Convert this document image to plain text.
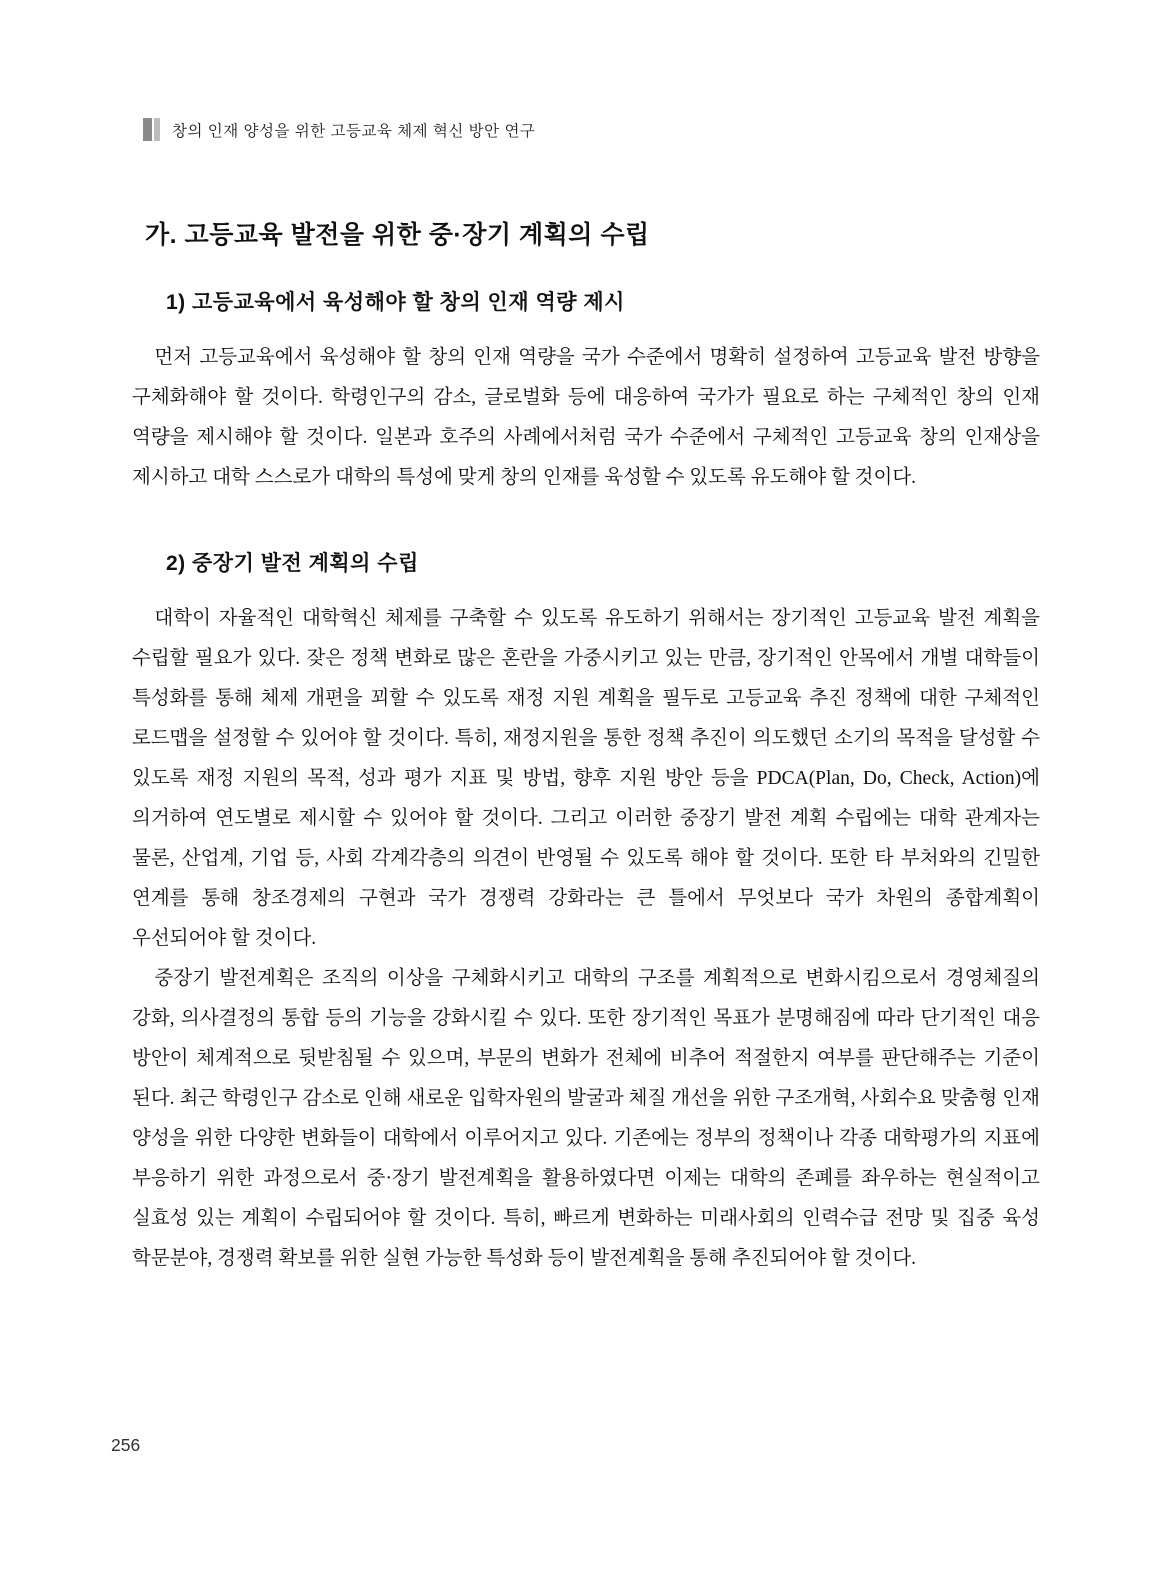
창의 인재 양성을 위한 고등교육 체제 혁신 방안 연구
가. 고등교육 발전을 위한 중·장기 계획의 수립
1) 고등교육에서 육성해야 할 창의 인재 역량 제시

먼저 고등교육에서 육성해야 할 창의 인재 역량을 국가 수준에서 명확히 설정하여 고등교육 발전 방향을 구체화해야 할 것이다. 학령인구의 감소, 글로벌화 등에 대응하여 국가가 필요로 하는 구체적인 창의 인재 역량을 제시해야 할 것이다. 일본과 호주의 사례에서처럼 국가 수준에서 구체적인 고등교육 창의 인재상을 제시하고 대학 스스로가 대학의 특성에 맞게 창의 인재를 육성할 수 있도록 유도해야 할 것이다.

2) 중장기 발전 계획의 수립

대학이 자율적인 대학혁신 체제를 구축할 수 있도록 유도하기 위해서는 장기적인 고등교육 발전 계획을 수립할 필요가 있다. 잦은 정책 변화로 많은 혼란을 가중시키고 있는 만큼, 장기적인 안목에서 개별 대학들이 특성화를 통해 체제 개편을 꾀할 수 있도록 재정 지원 계획을 필두로 고등교육 추진 정책에 대한 구체적인 로드맵을 설정할 수 있어야 할 것이다. 특히, 재정지원을 통한 정책 추진이 의도했던 소기의 목적을 달성할 수 있도록 재정 지원의 목적, 성과 평가 지표 및 방법, 향후 지원 방안 등을 PDCA(Plan, Do, Check, Action)에 의거하여 연도별로 제시할 수 있어야 할 것이다. 그리고 이러한 중장기 발전 계획 수립에는 대학 관계자는 물론, 산업계, 기업 등, 사회 각계각층의 의견이 반영될 수 있도록 해야 할 것이다. 또한 타 부처와의 긴밀한 연계를 통해 창조경제의 구현과 국가 경쟁력 강화라는 큰 틀에서 무엇보다 국가 차원의 종합계획이 우선되어야 할 것이다.

중장기 발전계획은 조직의 이상을 구체화시키고 대학의 구조를 계획적으로 변화시킴으로서 경영체질의 강화, 의사결정의 통합 등의 기능을 강화시킬 수 있다. 또한 장기적인 목표가 분명해짐에 따라 단기적인 대응 방안이 체계적으로 뒷받침될 수 있으며, 부문의 변화가 전체에 비추어 적절한지 여부를 판단해주는 기준이 된다. 최근 학령인구 감소로 인해 새로운 입학자원의 발굴과 체질 개선을 위한 구조개혁, 사회수요 맞춤형 인재 양성을 위한 다양한 변화들이 대학에서 이루어지고 있다. 기존에는 정부의 정책이나 각종 대학평가의 지표에 부응하기 위한 과정으로서 중·장기 발전계획을 활용하였다면 이제는 대학의 존폐를 좌우하는 현실적이고 실효성 있는 계획이 수립되어야 할 것이다. 특히, 빠르게 변화하는 미래사회의 인력수급 전망 및 집중 육성 학문분야, 경쟁력 확보를 위한 실현 가능한 특성화 등이 발전계획을 통해 추진되어야 할 것이다.

256
